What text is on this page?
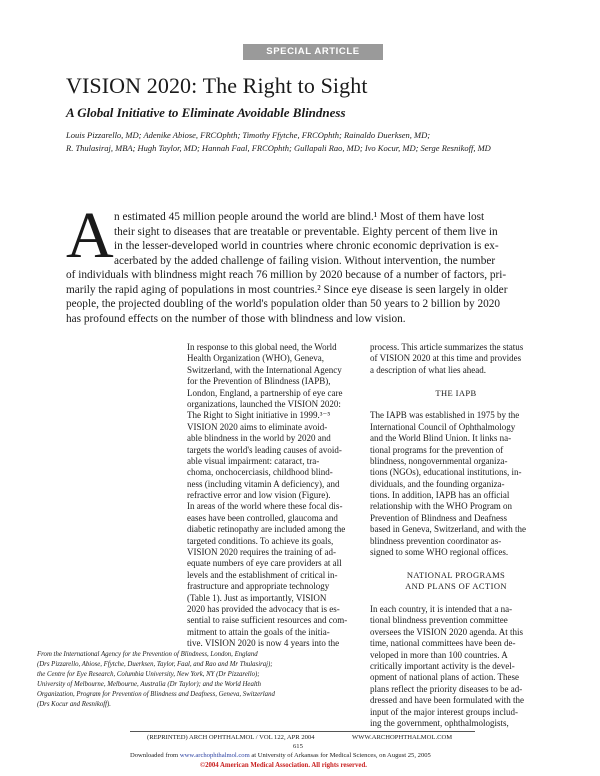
SPECIAL ARTICLE
VISION 2020: The Right to Sight
A Global Initiative to Eliminate Avoidable Blindness
Louis Pizzarello, MD; Adenike Abiose, FRCOphth; Timothy Ffytche, FRCOphth; Rainaldo Duerksen, MD;
R. Thulasiraj, MBA; Hugh Taylor, MD; Hannah Faal, FRCOphth; Gullapali Rao, MD; Ivo Kocur, MD; Serge Resnikoff, MD
A n estimated 45 million people around the world are blind.¹ Most of them have lost
their sight to diseases that are treatable or preventable. Eighty percent of them live in
in the lesser-developed world in countries where chronic economic deprivation is ex-
acerbated by the added challenge of failing vision. Without intervention, the number
of individuals with blindness might reach 76 million by 2020 because of a number of factors, pri-
marily the rapid aging of populations in most countries.² Since eye disease is seen largely in older
people, the projected doubling of the world's population older than 50 years to 2 billion by 2020
has profound effects on the number of those with blindness and low vision.
In response to this global need, the World
Health Organization (WHO), Geneva,
Switzerland, with the International Agency
for the Prevention of Blindness (IAPB),
London, England, a partnership of eye care
organizations, launched the VISION 2020:
The Right to Sight initiative in 1999.³⁻⁵
VISION 2020 aims to eliminate avoid-
able blindness in the world by 2020 and
targets the world's leading causes of avoid-
able visual impairment: cataract, tra-
choma, onchocerciasis, childhood blind-
ness (including vitamin A deficiency), and
refractive error and low vision (Figure).
In areas of the world where these focal dis-
eases have been controlled, glaucoma and
diabetic retinopathy are included among the
targeted conditions. To achieve its goals,
VISION 2020 requires the training of ad-
equate numbers of eye care providers at all
levels and the establishment of critical in-
frastructure and appropriate technology
(Table 1). Just as importantly, VISION
2020 has provided the advocacy that is es-
sential to raise sufficient resources and com-
mitment to attain the goals of the initia-
tive. VISION 2020 is now 4 years into the
process. This article summarizes the status
of VISION 2020 at this time and provides
a description of what lies ahead.
THE IAPB
The IAPB was established in 1975 by the
International Council of Ophthalmology
and the World Blind Union. It links na-
tional programs for the prevention of
blindness, nongovernmental organiza-
tions (NGOs), educational institutions, in-
dividuals, and the founding organiza-
tions. In addition, IAPB has an official
relationship with the WHO Program on
Prevention of Blindness and Deafness
based in Geneva, Switzerland, and with the
blindness prevention coordinator as-
signed to some WHO regional offices.
NATIONAL PROGRAMS
AND PLANS OF ACTION
In each country, it is intended that a na-
tional blindness prevention committee
oversees the VISION 2020 agenda. At this
time, national committees have been de-
veloped in more than 100 countries. A
critically important activity is the devel-
opment of national plans of action. These
plans reflect the priority diseases to be ad-
dressed and have been formulated with the
input of the major interest groups includ-
ing the government, ophthalmologists,
From the International Agency for the Prevention of Blindness, London, England
(Drs Pizzarello, Abiose, Ffytche, Duerksen, Taylor, Faal, and Rao and Mr Thulasiraj);
the Centre for Eye Research, Columbia University, New York, NY (Dr Pizzarello);
University of Melbourne, Melbourne, Australia (Dr Taylor); and the World Health
Organization, Program for Prevention of Blindness and Deafness, Geneva, Switzerland
(Drs Kocur and Resnikoff).
(REPRINTED) ARCH OPHTHALMOL / VOL 122, APR 2004	WWW.ARCHOPHTHALMOL.COM
615
Downloaded from www.archophthalmol.com at University of Arkansas for Medical Sciences, on August 25, 2005
©2004 American Medical Association. All rights reserved.
